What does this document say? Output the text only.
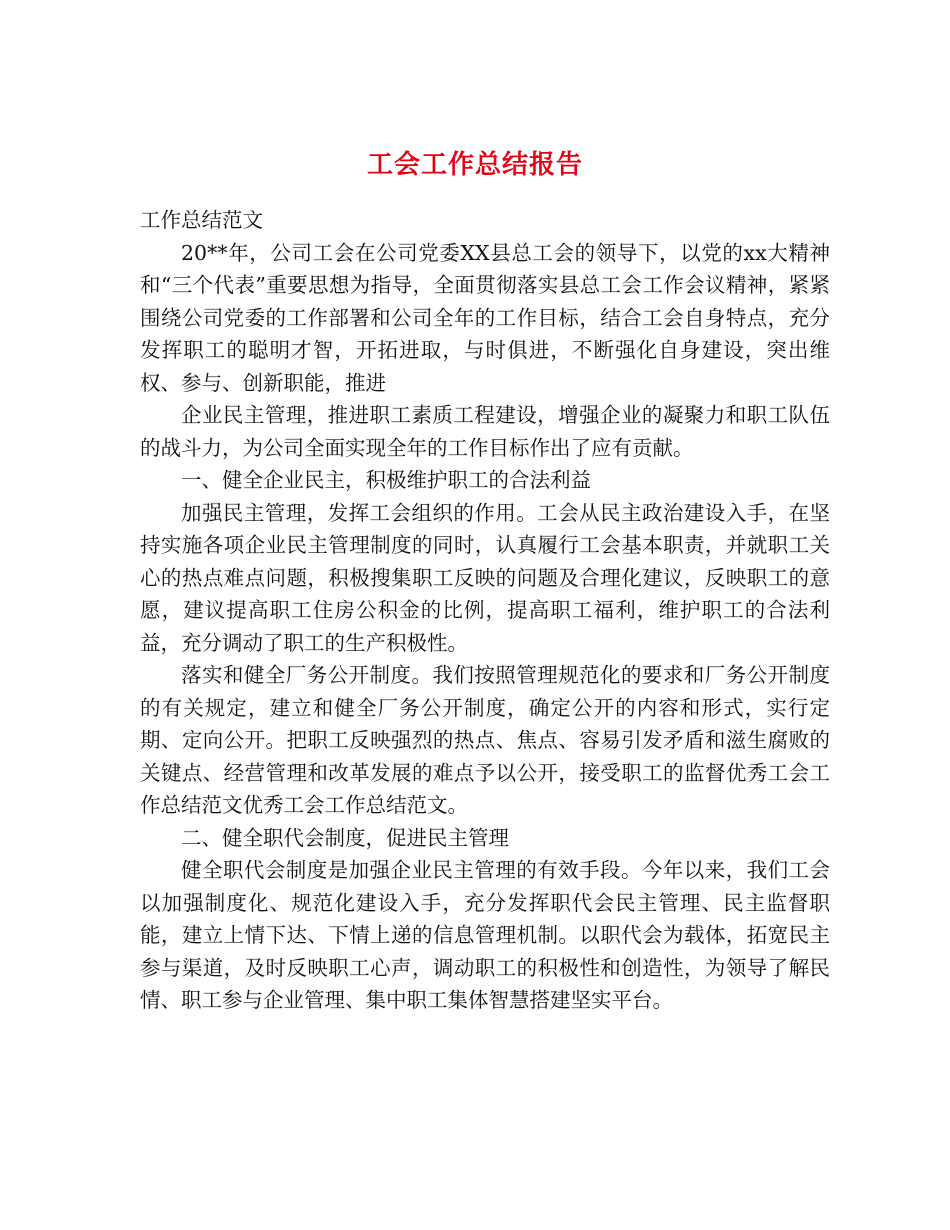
工会工作总结报告

工作总结范文

20**年，公司工会在公司党委XX县总工会的领导下，以党的xx大精神和“三个代表”重要思想为指导，全面贯彻落实县总工会工作会议精神，紧紧围绕公司党委的工作部署和公司全年的工作目标，结合工会自身特点，充分发挥职工的聪明才智，开拓进取，与时俱进，不断强化自身建设，突出维权、参与、创新职能，推进

企业民主管理，推进职工素质工程建设，增强企业的凝聚力和职工队伍的战斗力，为公司全面实现全年的工作目标作出了应有贡献。

一、健全企业民主，积极维护职工的合法利益

加强民主管理，发挥工会组织的作用。工会从民主政治建设入手，在坚持实施各项企业民主管理制度的同时，认真履行工会基本职责，并就职工关心的热点难点问题，积极搜集职工反映的问题及合理化建议，反映职工的意愿，建议提高职工住房公积金的比例，提高职工福利，维护职工的合法利益，充分调动了职工的生产积极性。

落实和健全厂务公开制度。我们按照管理规范化的要求和厂务公开制度的有关规定，建立和健全厂务公开制度，确定公开的内容和形式，实行定期、定向公开。把职工反映强烈的热点、焦点、容易引发矛盾和滋生腐败的关键点、经营管理和改革发展的难点予以公开，接受职工的监督优秀工会工作总结范文优秀工会工作总结范文。

二、健全职代会制度，促进民主管理

健全职代会制度是加强企业民主管理的有效手段。今年以来，我们工会以加强制度化、规范化建设入手，充分发挥职代会民主管理、民主监督职能，建立上情下达、下情上递的信息管理机制。以职代会为载体，拓宽民主参与渠道，及时反映职工心声，调动职工的积极性和创造性，为领导了解民情、职工参与企业管理、集中职工集体智慧搭建坚实平台。
